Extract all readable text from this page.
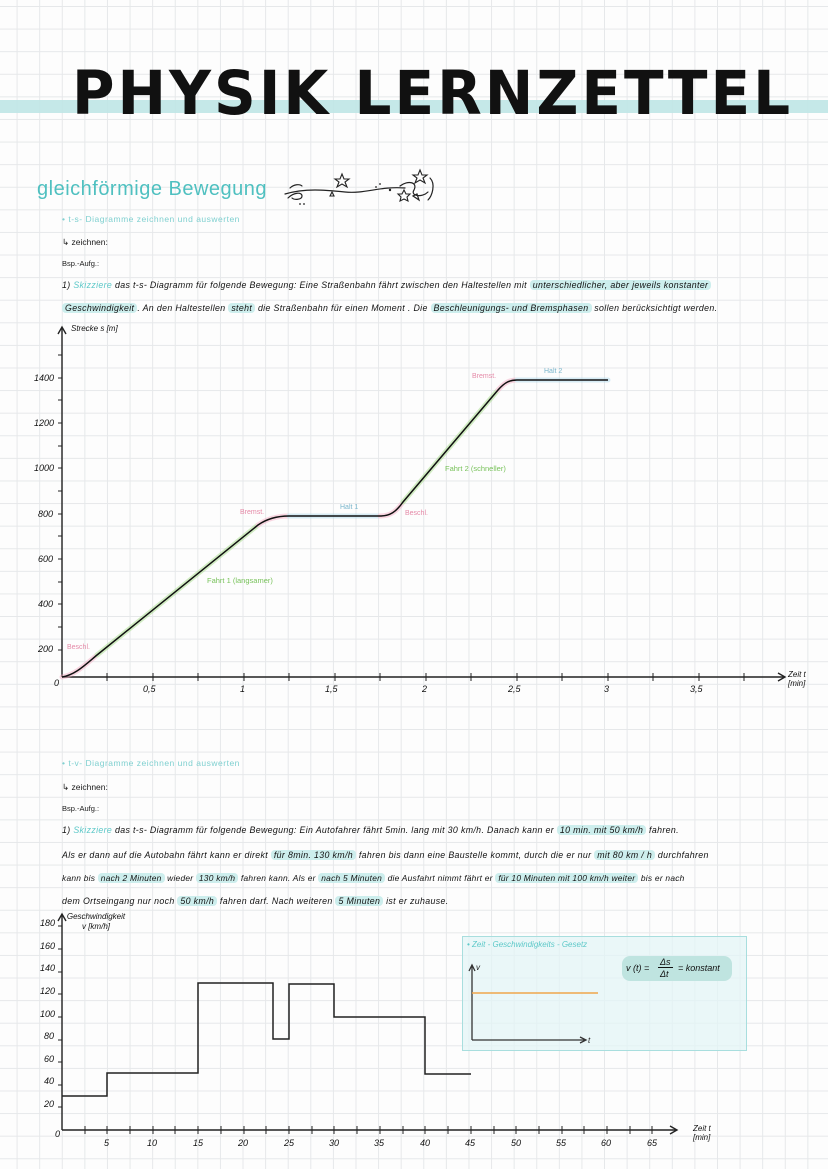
PHYSIK LERNZETTEL
gleichförmige Bewegung
• t-s- Diagramme zeichnen und auswerten
↳ zeichnen:
Bsp.-Aufg.:
1) Skizziere das t-s- Diagramm für folgende Bewegung: Eine Straßenbahn fährt zwischen den Haltestellen mit unterschiedlicher, aber jeweils konstanter
Geschwindigkeit . An den Haltestellen steht die Straßenbahn für einen Moment . Die Beschleunigungs- und Bremsphasen sollen berücksichtigt werden.
Strecke s [m]
1400
1200
1000
800
600
400
200
0
0,5	1	1,5	2	2,5	3	3,5
Zeit t [min]
Beschl.
Fahrt 1 (langsamer)
Bremst.
Halt 1
Beschl.
Fahrt 2 (schneller)
Bremst.
Halt 2
• t-v- Diagramme zeichnen und auswerten
↳ zeichnen:
Bsp.-Aufg.:
1) Skizziere das t-s- Diagramm für folgende Bewegung: Ein Autofahrer fährt 5min. lang mit 30 km/h. Danach kann er 10 min. mit 50 km/h fahren.
Als er dann auf die Autobahn fährt kann er direkt für 8min. 130 km/h fahren bis dann eine Baustelle kommt, durch die er nur mit 80 km / h durchfahren
kann bis nach 2 Minuten wieder 130 km/h fahren kann. Als er nach 5 Minuten die Ausfahrt nimmt fährt er für 10 Minuten mit 100 km/h weiter bis er nach
dem Ortseingang nur noch 50 km/h fahren darf. Nach weiteren 5 Minuten ist er zuhause.
Geschwindigkeit v [km/h]
180
160
140
120
100
80
60
40
20
0
5	10	15	20	25	30	35	40	45	50	55	60	65
Zeit t [min]
• Zeit - Geschwindigkeits - Gesetz
v
t
v (t) =
Δs
Δt
= konstant
